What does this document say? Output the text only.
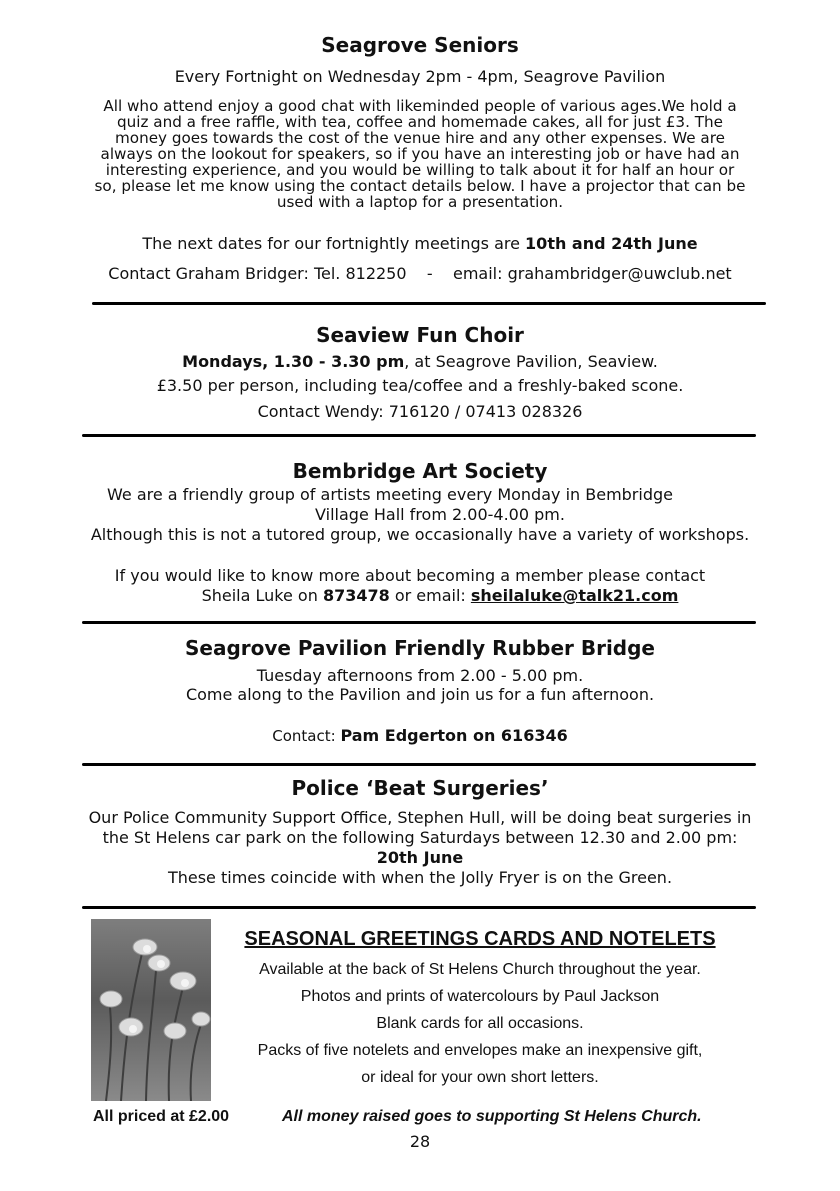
Seagrove Seniors
Every Fortnight on Wednesday 2pm - 4pm, Seagrove Pavilion
All who attend enjoy a good chat with likeminded people of various ages.We hold a
quiz and a free raffle, with tea, coffee and homemade cakes, all for just £3. The
money goes towards the cost of the venue hire and any other expenses. We are
always on the lookout for speakers, so if you have an interesting job or have had an
interesting experience, and you would be willing to talk about it for half an hour or
so, please let me know using the contact details below. I have a projector that can be
used with a laptop for a presentation.
The next dates for our fortnightly meetings are 10th and 24th June
Contact Graham Bridger: Tel. 812250    -    email: grahambridger@uwclub.net
Seaview Fun Choir
Mondays, 1.30 - 3.30 pm, at Seagrove Pavilion, Seaview.
£3.50 per person, including tea/coffee and a freshly-baked scone.
Contact Wendy: 716120 / 07413 028326
Bembridge Art Society
We are a friendly group of artists meeting every Monday in Bembridge
Village Hall from 2.00-4.00 pm.
Although this is not a tutored group, we occasionally have a variety of workshops.
If you would like to know more about becoming a member please contact
Sheila Luke on 873478 or email: sheilaluke@talk21.com
Seagrove Pavilion Friendly Rubber Bridge
Tuesday afternoons from 2.00 - 5.00 pm.
Come along to the Pavilion and join us for a fun afternoon.
Contact: Pam Edgerton on 616346
Police ‘Beat Surgeries’
Our Police Community Support Office, Stephen Hull, will be doing beat surgeries in
the St Helens car park on the following Saturdays between 12.30 and 2.00 pm:
20th June
These times coincide with when the Jolly Fryer is on the Green.
SEASONAL GREETINGS CARDS AND NOTELETS
Available at the back of St Helens Church throughout the year.
Photos and prints of watercolours by Paul Jackson
Blank cards for all occasions.
Packs of five notelets and envelopes make an inexpensive gift,
or ideal for your own short letters.
All priced at £2.00	All money raised goes to supporting St Helens Church.
28
